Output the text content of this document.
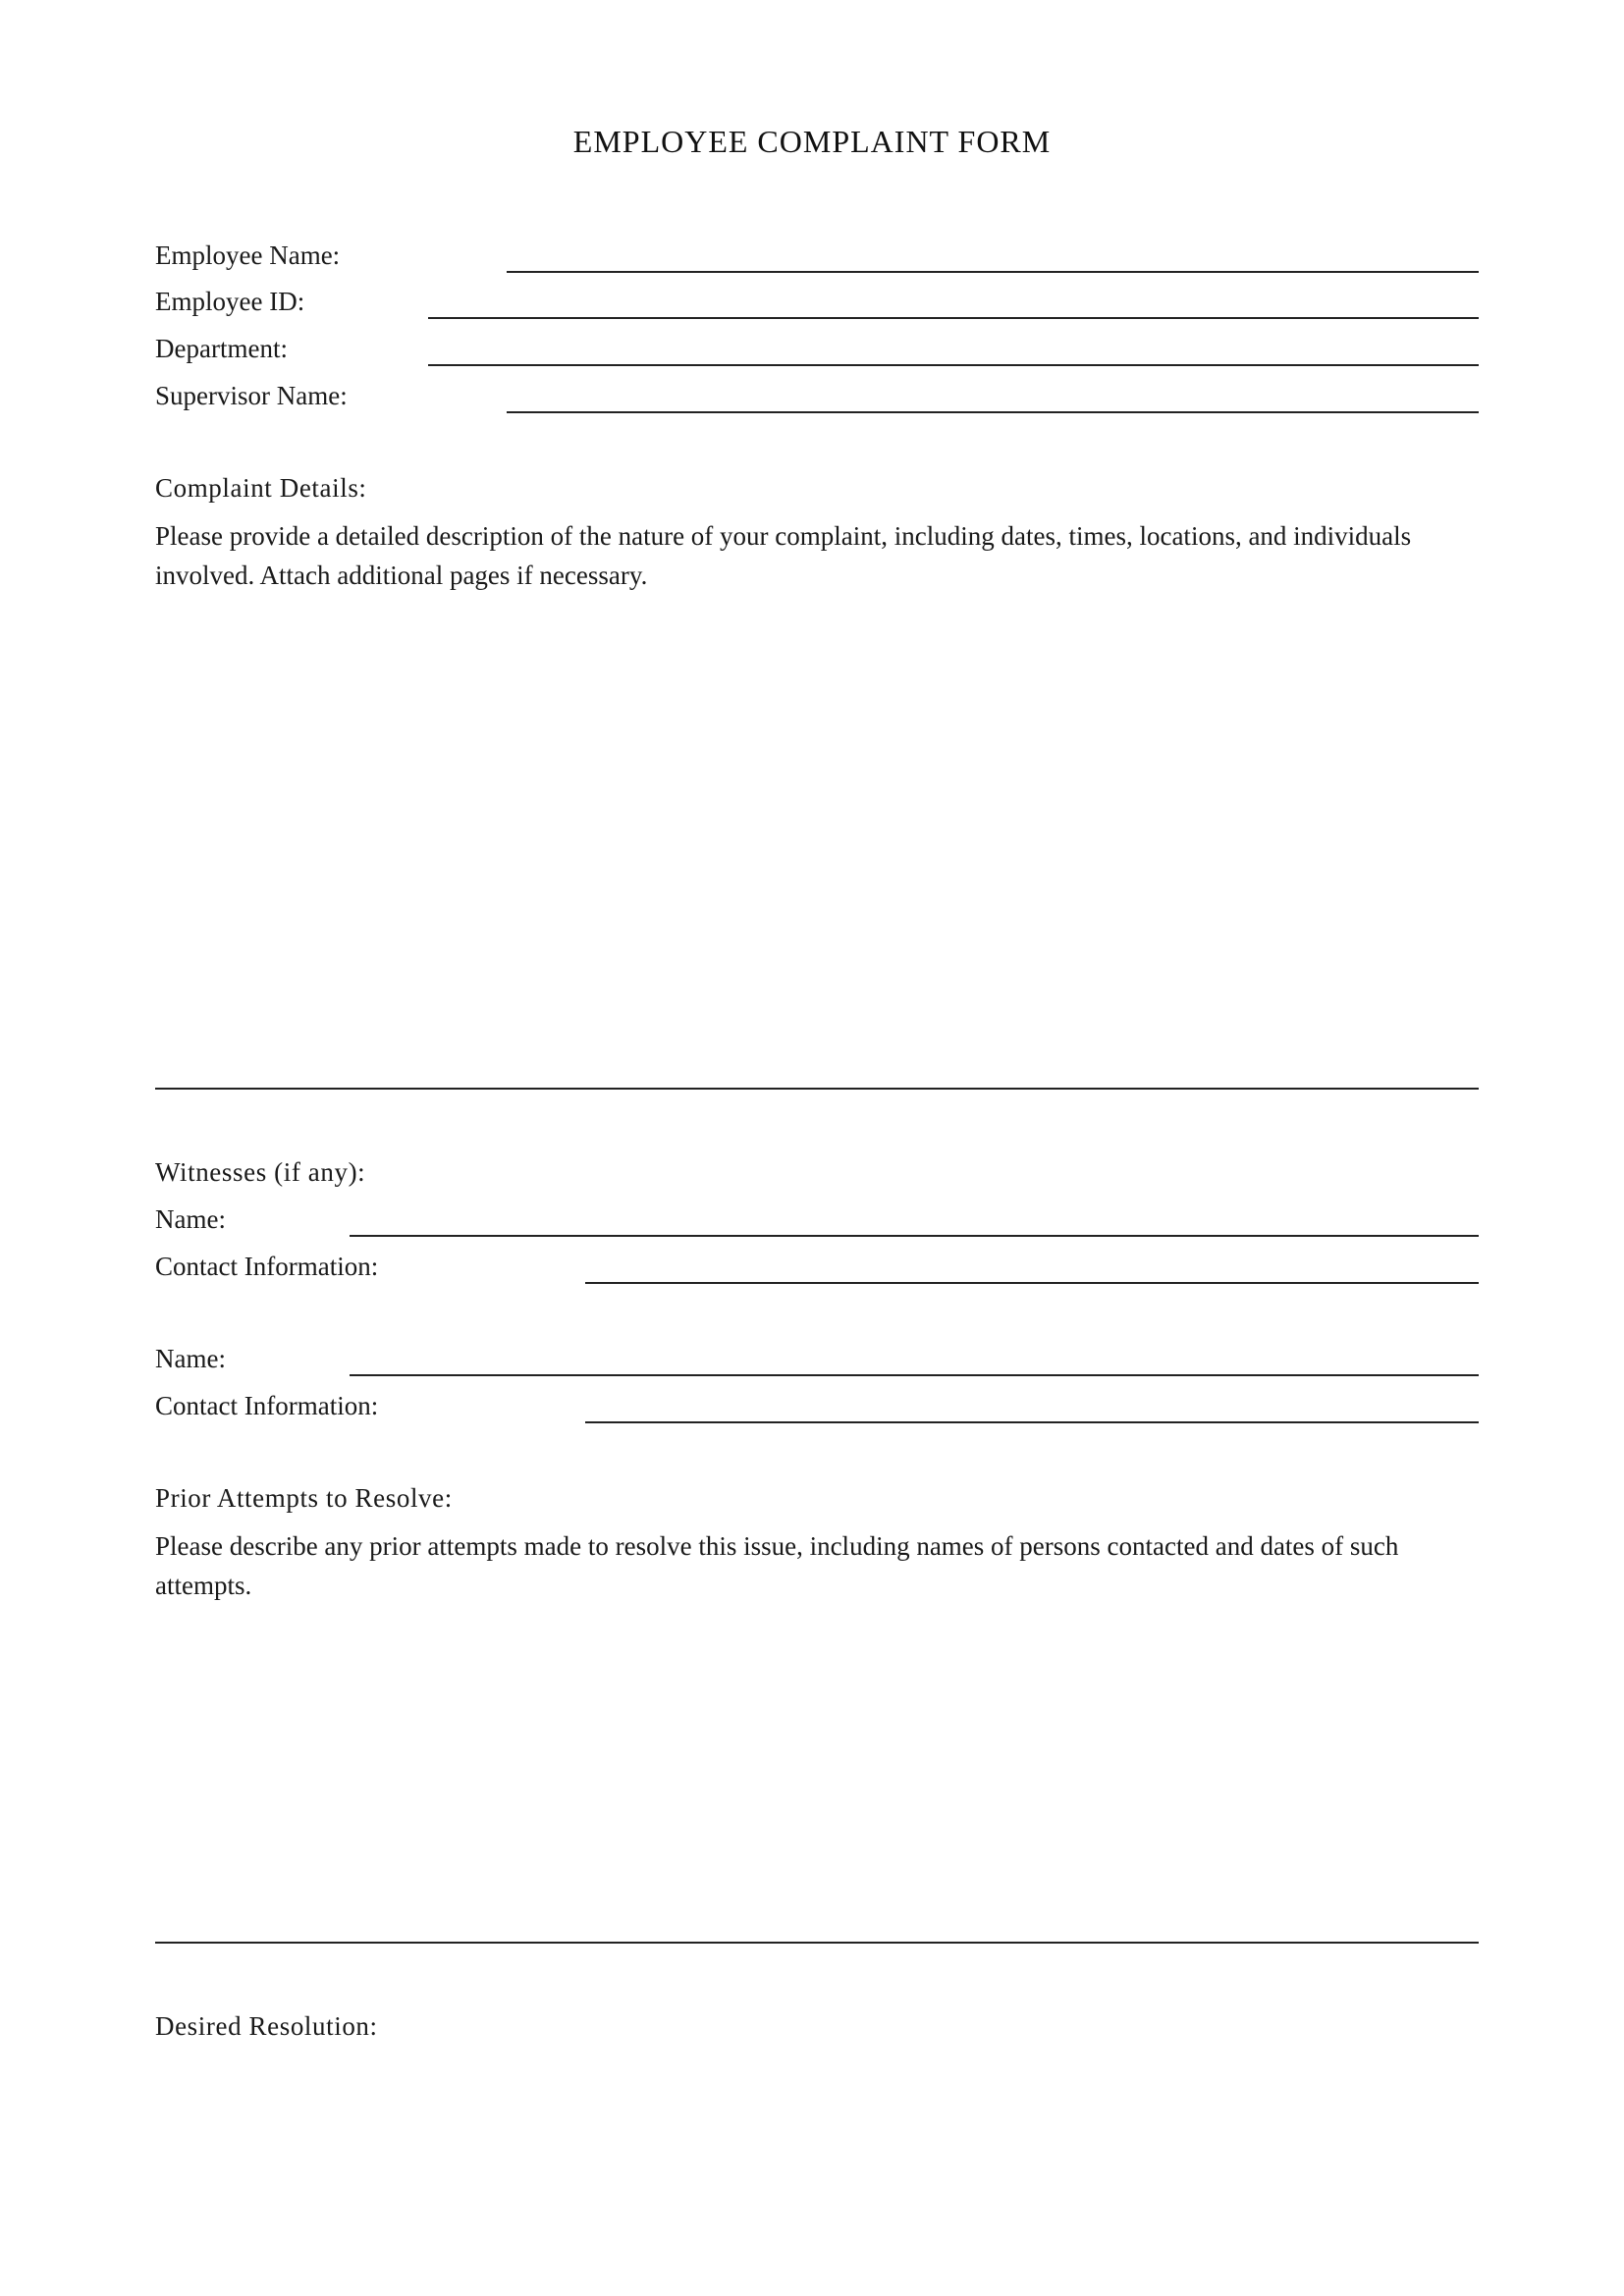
EMPLOYEE COMPLAINT FORM
Employee Name:
Employee ID:
Department:
Supervisor Name:
Complaint Details:
Please provide a detailed description of the nature of your complaint, including dates, times, locations, and individuals involved. Attach additional pages if necessary.
Witnesses (if any):
Name:
Contact Information:
Name:
Contact Information:
Prior Attempts to Resolve:
Please describe any prior attempts made to resolve this issue, including names of persons contacted and dates of such attempts.
Desired Resolution:
